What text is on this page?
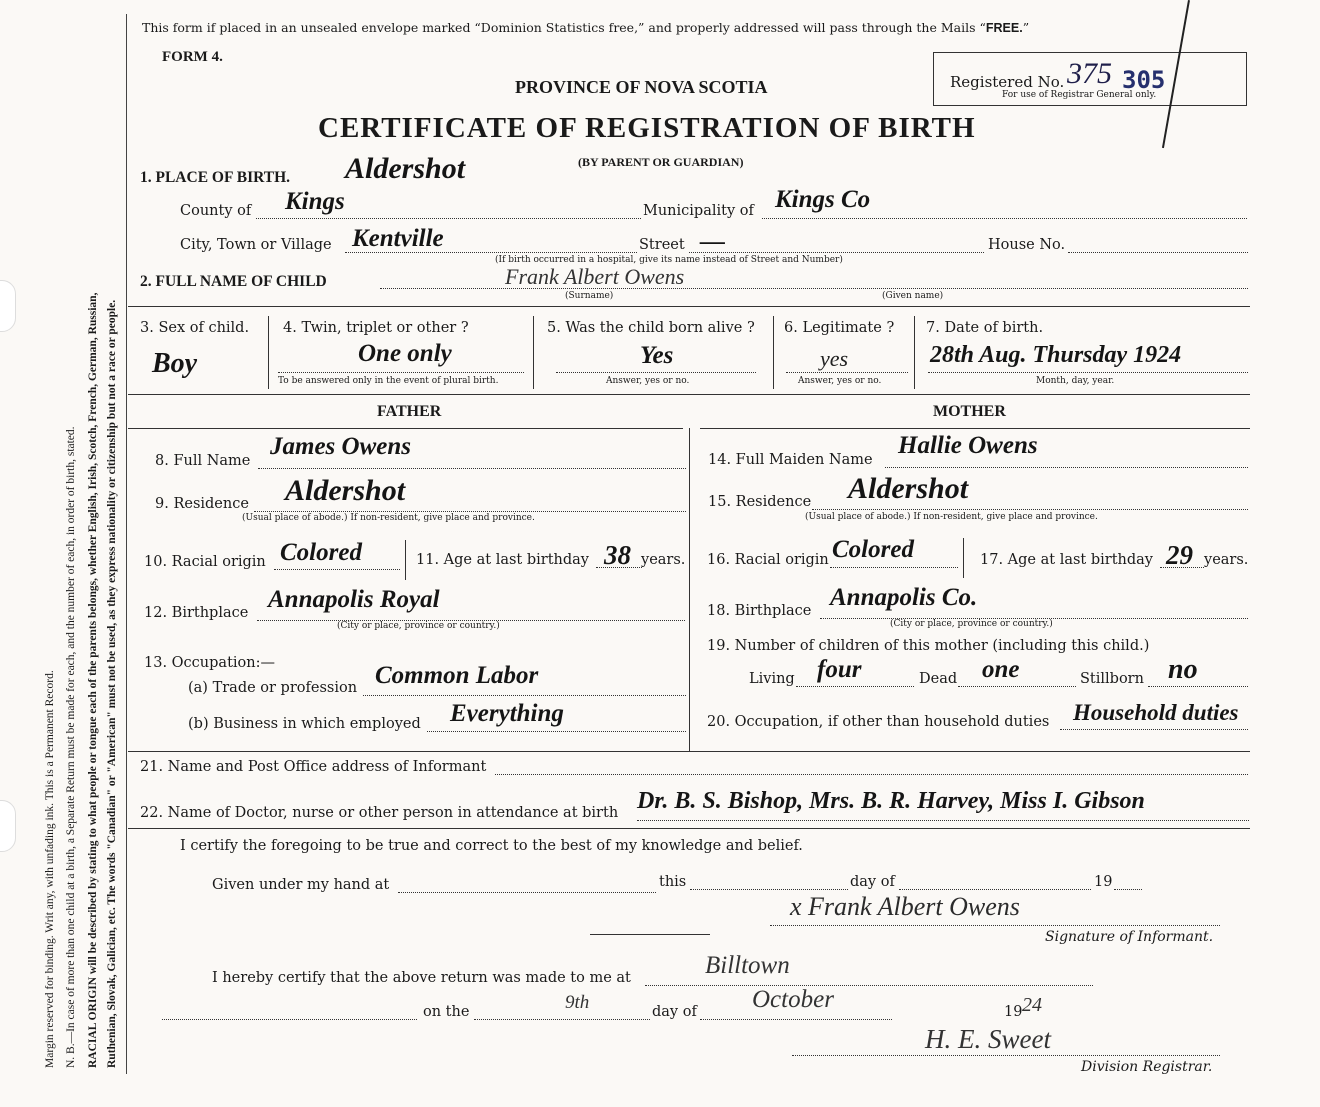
Margin reserved for binding. Writ any, with unfading ink. This is a Permanent Record. N. B.—In case of more than one child at a birth, a Separate Return must be made for each, and the number of each, in order of birth, stated. RACIAL ORIGIN will be described by stating to what people or tongue each of the parents belongs, whether English, Irish, Scotch, French, German, Russian, Ruthenian, Slovak, Galician, etc. The words "Canadian" or "American" must not be used, as they express nationality or citizenship but not a race or people.
This form if placed in an unsealed envelope marked “Dominion Statistics free,” and properly addressed will pass through the Mails “FREE.”
FORM 4.
PROVINCE OF NOVA SCOTIA
CERTIFICATE OF REGISTRATION OF BIRTH
(BY PARENT OR GUARDIAN)
Registered No. 375 305
For use of Registrar General only.
1. PLACE OF BIRTH. Aldershot
County of Kings	Municipality of Kings Co
City, Town or Village Kentville	Street —	House No.
(If birth occurred in a hospital, give its name instead of Street and Number)
2. FULL NAME OF CHILD	Frank Albert Owens
(Surname)	(Given name)
3. Sex of child.
Boy
4. Twin, triplet or other ?
One only
To be answered only in the event of plural birth.
5. Was the child born alive ?
Yes
Answer, yes or no.
6. Legitimate ?
yes
Answer, yes or no.
7. Date of birth.
28th Aug. Thursday 1924
Month, day, year.
FATHER
8. Full Name
James Owens
9. Residence Aldershot
(Usual place of abode.) If non-resident, give place and province.
10. Racial origin Colored	11. Age at last birthday 38 years.
12. Birthplace Annapolis Royal
(City or place, province or country.)
13. Occupation:—
(a) Trade or profession Common Labor
(b) Business in which employed Everything
MOTHER
14. Full Maiden Name
Hallie Owens
15. Residence Aldershot
(Usual place of abode.) If non-resident, give place and province.
16. Racial origin Colored	17. Age at last birthday 29 years.
18. Birthplace Annapolis Co.
(City or place, province or country.)
19. Number of children of this mother (including this child.)
Living four	Dead one	Stillborn no
20. Occupation, if other than household duties Household duties
21. Name and Post Office address of Informant
22. Name of Doctor, nurse or other person in attendance at birth Dr. B. S. Bishop, Mrs. B. R. Harvey, Miss I. Gibson
I certify the foregoing to be true and correct to the best of my knowledge and belief.
Given under my hand at	this	day of	19
x Frank Albert Owens
Signature of Informant.
I hereby certify that the above return was made to me at	Billtown
on the	9th	day of October	19 24
H. E. Sweet
Division Registrar.
